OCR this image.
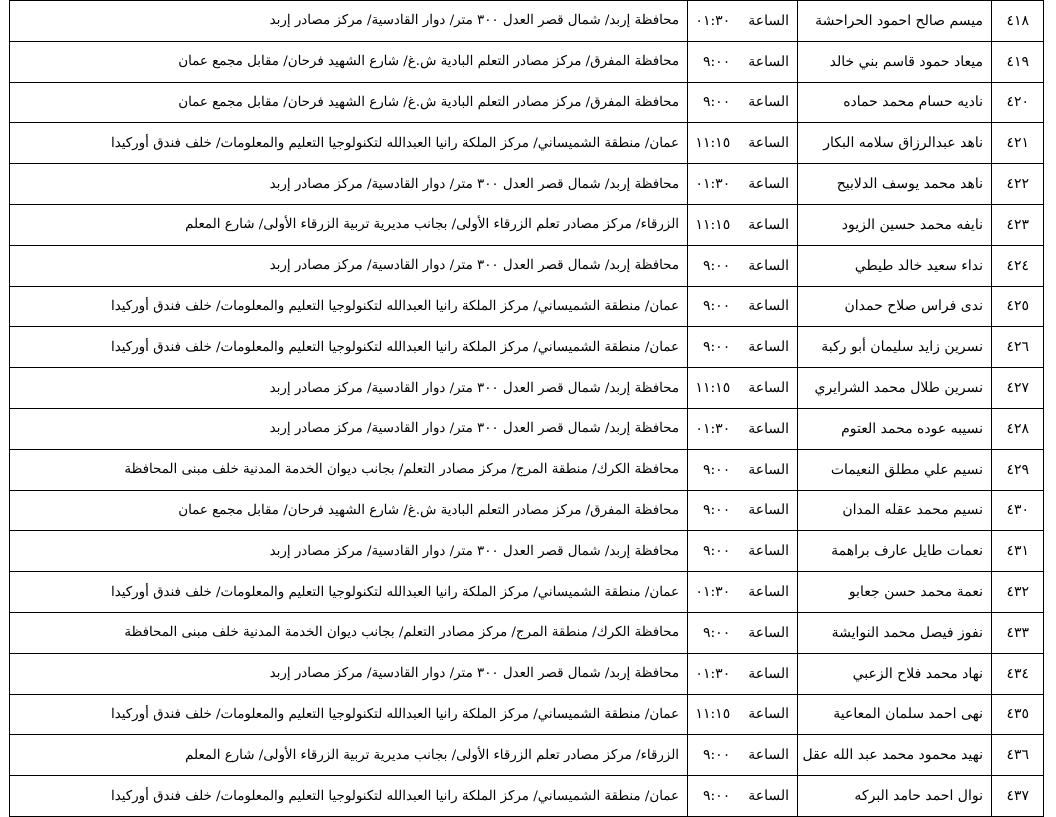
٤١٨	ميسم صالح احمود الحراحشة	الساعة٠١:٣٠	محافظة إربد/ شمال قصر العدل ٣٠٠ متر/ دوار القادسية/ مركز مصادر إربد
٤١٩	ميعاد حمود قاسم بني خالد	الساعة٩:٠٠	محافظة المفرق/ مركز مصادر التعلم البادية ش.غ/ شارع الشهيد فرحان/ مقابل مجمع عمان
٤٢٠	ناديه حسام محمد حماده	الساعة٩:٠٠	محافظة المفرق/ مركز مصادر التعلم البادية ش.غ/ شارع الشهيد فرحان/ مقابل مجمع عمان
٤٢١	ناهد عبدالرزاق سلامه البكار	الساعة١١:١٥	عمان/ منطقة الشميساني/ مركز الملكة رانيا العبدالله لتكنولوجيا التعليم والمعلومات/ خلف فندق أوركيدا
٤٢٢	ناهد محمد يوسف الدلابيح	الساعة٠١:٣٠	محافظة إربد/ شمال قصر العدل ٣٠٠ متر/ دوار القادسية/ مركز مصادر إربد
٤٢٣	نايفه محمد حسين الزيود	الساعة١١:١٥	الزرقاء/ مركز مصادر تعلم الزرقاء الأولى/ بجانب مديرية تربية الزرقاء الأولى/ شارع المعلم
٤٢٤	نداء سعيد خالد طيطي	الساعة٩:٠٠	محافظة إربد/ شمال قصر العدل ٣٠٠ متر/ دوار القادسية/ مركز مصادر إربد
٤٢٥	ندى فراس صلاح حمدان	الساعة٩:٠٠	عمان/ منطقة الشميساني/ مركز الملكة رانيا العبدالله لتكنولوجيا التعليم والمعلومات/ خلف فندق أوركيدا
٤٢٦	نسرين زايد سليمان أبو ركبة	الساعة٩:٠٠	عمان/ منطقة الشميساني/ مركز الملكة رانيا العبدالله لتكنولوجيا التعليم والمعلومات/ خلف فندق أوركيدا
٤٢٧	نسرين طلال محمد الشرايري	الساعة١١:١٥	محافظة إربد/ شمال قصر العدل ٣٠٠ متر/ دوار القادسية/ مركز مصادر إربد
٤٢٨	نسيبه عوده محمد العتوم	الساعة٠١:٣٠	محافظة إربد/ شمال قصر العدل ٣٠٠ متر/ دوار القادسية/ مركز مصادر إربد
٤٢٩	نسيم علي مطلق النعيمات	الساعة٩:٠٠	محافظة الكرك/ منطقة المرج/ مركز مصادر التعلم/ بجانب ديوان الخدمة المدنية خلف مبنى المحافظة
٤٣٠	نسيم محمد عقله المدان	الساعة٩:٠٠	محافظة المفرق/ مركز مصادر التعلم البادية ش.غ/ شارع الشهيد فرحان/ مقابل مجمع عمان
٤٣١	نعمات طايل عارف براهمة	الساعة٩:٠٠	محافظة إربد/ شمال قصر العدل ٣٠٠ متر/ دوار القادسية/ مركز مصادر إربد
٤٣٢	نعمة محمد حسن جعابو	الساعة٠١:٣٠	عمان/ منطقة الشميساني/ مركز الملكة رانيا العبدالله لتكنولوجيا التعليم والمعلومات/ خلف فندق أوركيدا
٤٣٣	نفوز فيصل محمد النوايشة	الساعة٩:٠٠	محافظة الكرك/ منطقة المرج/ مركز مصادر التعلم/ بجانب ديوان الخدمة المدنية خلف مبنى المحافظة
٤٣٤	نهاد محمد فلاح الزعبي	الساعة٠١:٣٠	محافظة إربد/ شمال قصر العدل ٣٠٠ متر/ دوار القادسية/ مركز مصادر إربد
٤٣٥	نهى احمد سلمان المعاعية	الساعة١١:١٥	عمان/ منطقة الشميساني/ مركز الملكة رانيا العبدالله لتكنولوجيا التعليم والمعلومات/ خلف فندق أوركيدا
٤٣٦	نهيد محمود محمد عبد الله عقل	الساعة٩:٠٠	الزرقاء/ مركز مصادر تعلم الزرقاء الأولى/ بجانب مديرية تربية الزرقاء الأولى/ شارع المعلم
٤٣٧	نوال احمد حامد البركه	الساعة٩:٠٠	عمان/ منطقة الشميساني/ مركز الملكة رانيا العبدالله لتكنولوجيا التعليم والمعلومات/ خلف فندق أوركيدا
